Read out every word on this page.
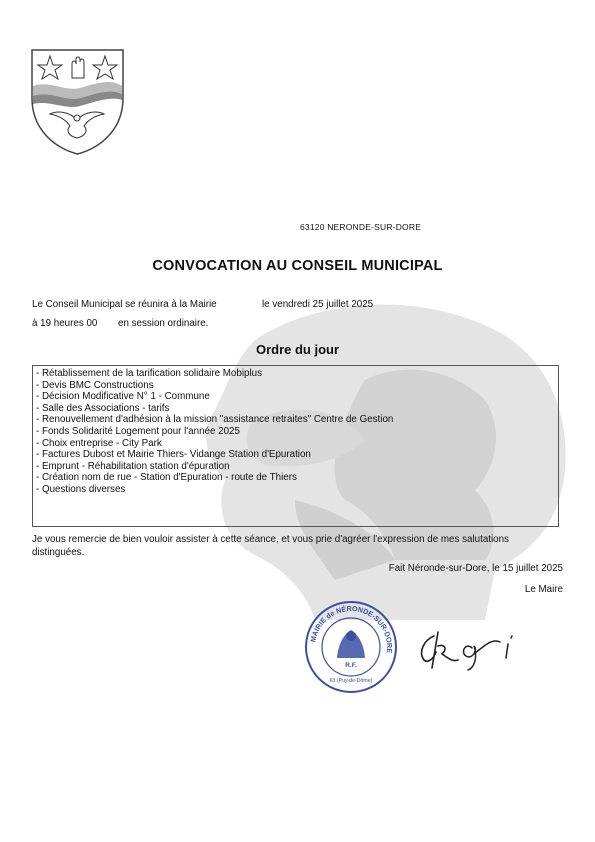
63120 NERONDE-SUR-DORE
CONVOCATION AU CONSEIL MUNICIPAL
Le Conseil Municipal se réunira à la Mairie	le vendredi 25 juillet 2025
à 19 heures 00 en session ordinaire.
Ordre du jour
- Rétablissement de la tarification solidaire Mobiplus
- Devis BMC Constructions
- Décision Modificative N° 1 - Commune
- Salle des Associations - tarifs
- Renouvellement d'adhésion à la mission "assistance retraites" Centre de Gestion
- Fonds Solidarité Logement pour l'année 2025
- Choix entreprise - City Park
- Factures Dubost et Mairie Thiers- Vidange Station d'Epuration
- Emprunt - Réhabilitation station d'épuration
- Création nom de rue - Station d'Epuration - route de Thiers
- Questions diverses
Je vous remercie de bien vouloir assister à cette séance, et vous prie d'agréer l'expression de mes salutations distinguées.
Fait Néronde-sur-Dore, le 15 juillet 2025
Le Maire
MAIRIE de NÉRONDE-SUR-DORE
R.F.
63 (Puy-de-Dôme)
